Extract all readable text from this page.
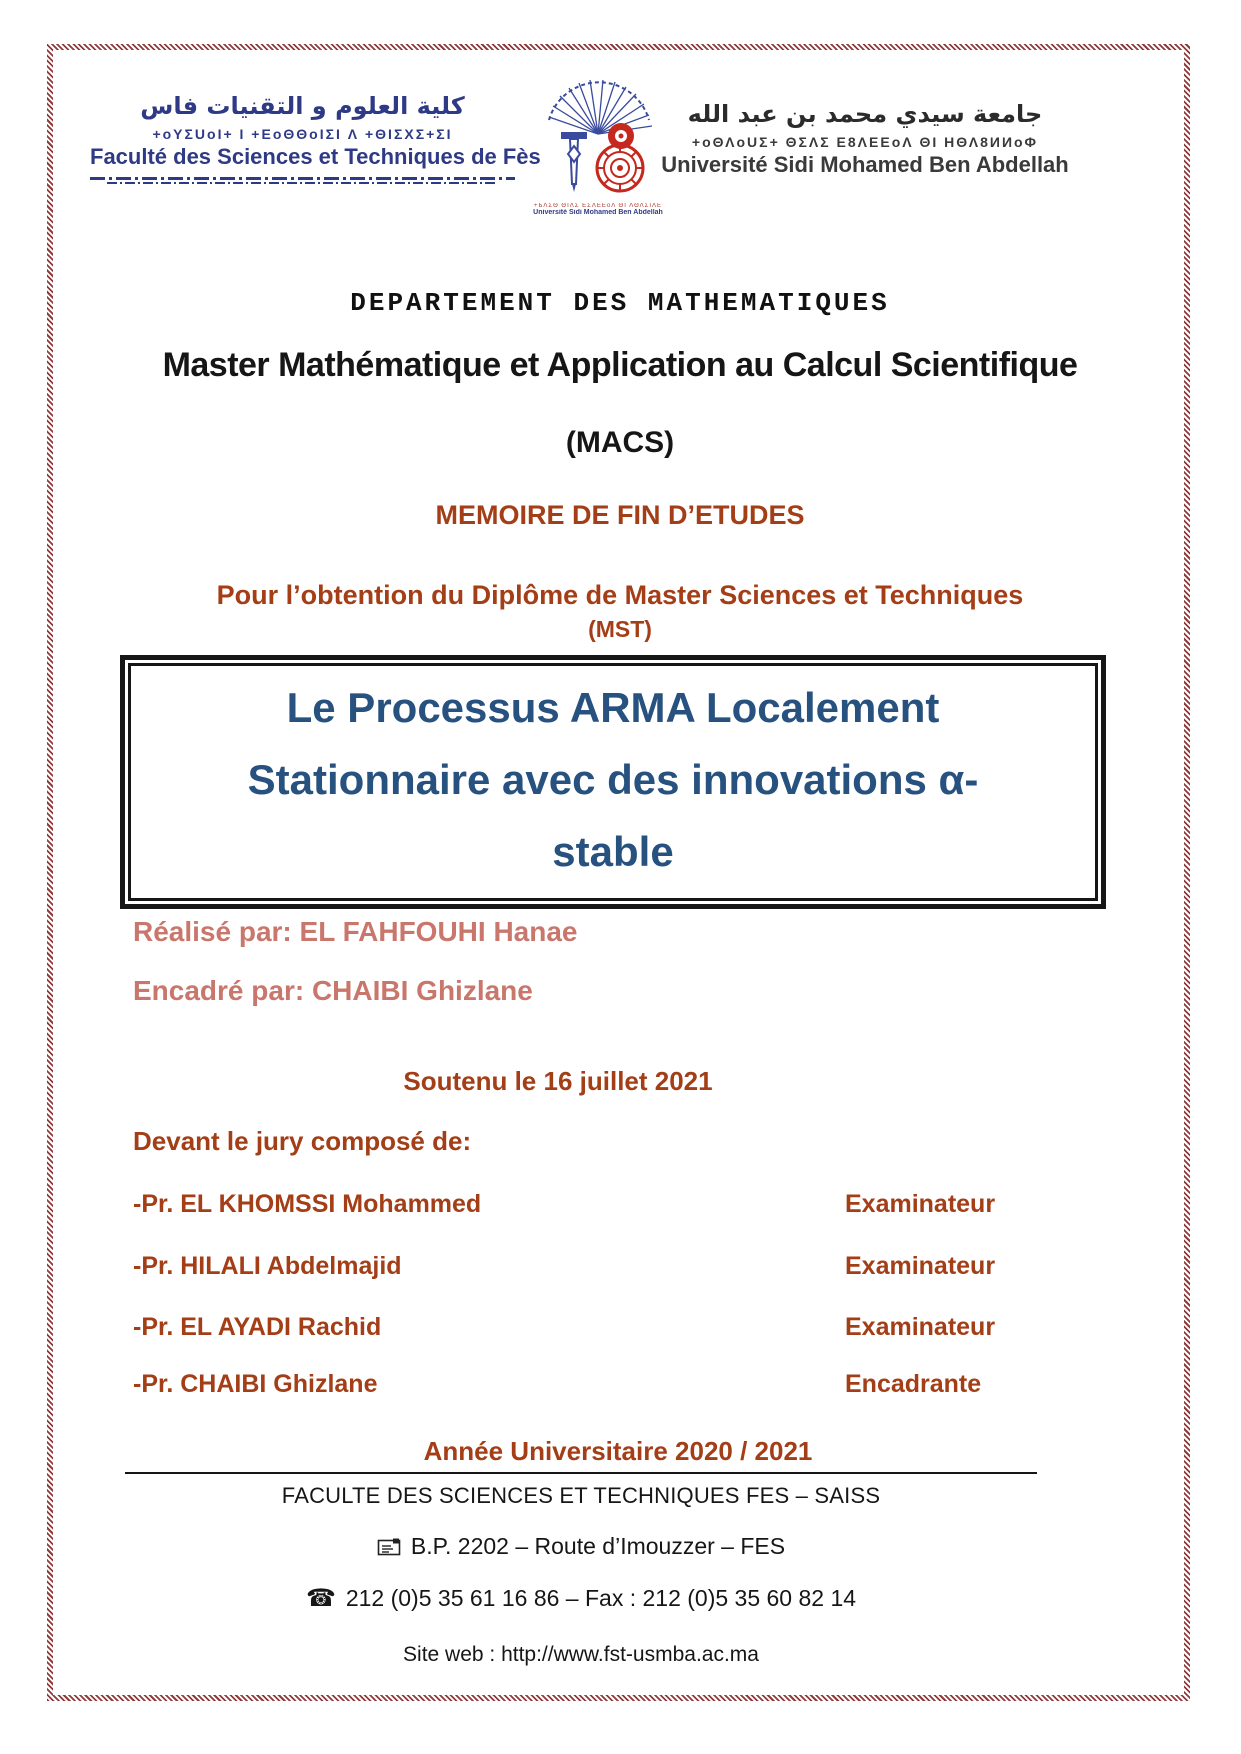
كلية العلوم و التقنيات فاس
+oYΣUoI+ I +ЕoΘΘoIΣI Λ +ΘIΣXΣ+ΣI
Faculté des Sciences et Techniques de Fès
+ЬΛΣΘ ΘΙΛΣ ΕΣΛΕΕoΛ ΘΙ ΛΘΛΣΙΛΕ
Université Sidi Mohamed Ben Abdellah
جامعة سيدي محمد بن عبد الله
+oΘΛoUΣ+ ΘΣΛΣ Е8ΛЕЕoΛ ΘI ΗΘΛ8ИИoΦ
Université Sidi Mohamed Ben Abdellah
DEPARTEMENT DES MATHEMATIQUES
Master Mathématique et Application au Calcul Scientifique
(MACS)
MEMOIRE DE FIN D’ETUDES
Pour l’obtention du Diplôme de Master Sciences et Techniques
(MST)
Le Processus ARMA Localement Stationnaire avec des innovations α-stable
Réalisé par: EL FAHFOUHI Hanae
Encadré par: CHAIBI Ghizlane
Soutenu le 16 juillet 2021
Devant le jury composé de:
-Pr. EL KHOMSSI Mohammed	Examinateur
-Pr. HILALI Abdelmajid	Examinateur
-Pr. EL AYADI Rachid	Examinateur
-Pr. CHAIBI Ghizlane	Encadrante
Année Universitaire 2020 / 2021
FACULTE DES SCIENCES ET TECHNIQUES FES – SAISS
B.P. 2202 – Route d’Imouzzer – FES
☎ 212 (0)5 35 61 16 86 – Fax : 212 (0)5 35 60 82 14
Site web : http://www.fst-usmba.ac.ma
